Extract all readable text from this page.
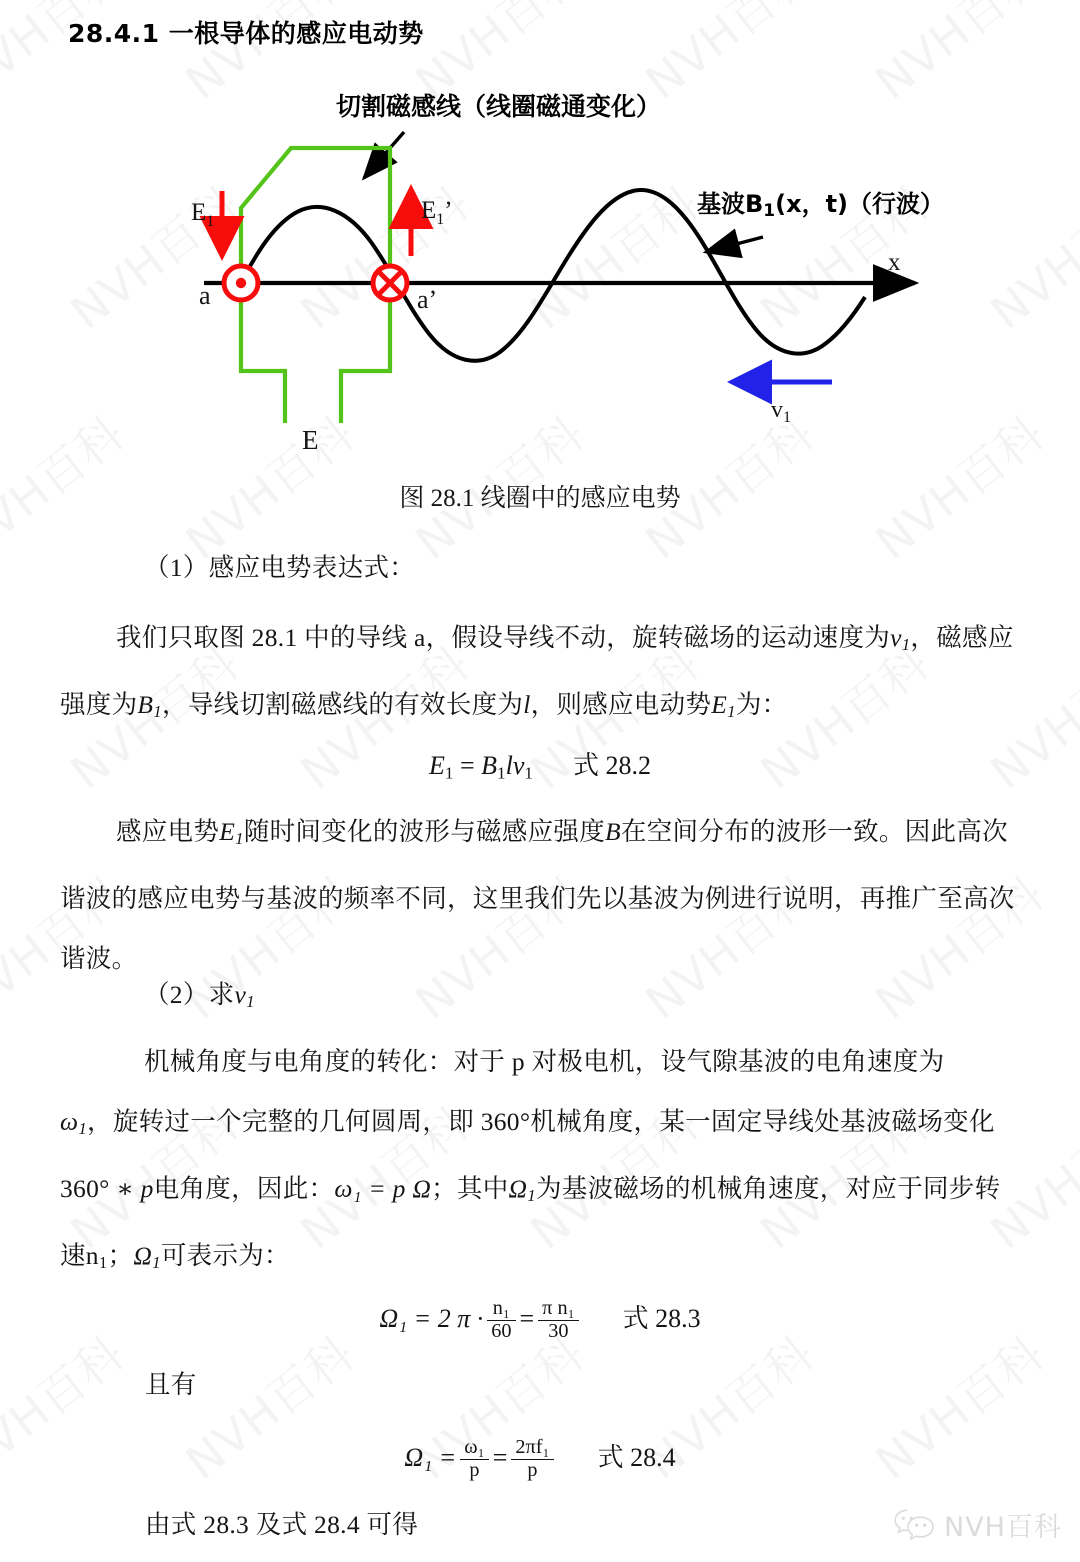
28.4.1 一根导体的感应电动势
切割磁感线（线圈磁通变化）
E
x
a	a’
$E_1$	$E_1$’	基波B1(x，t)（行波）
$v_1$
图 28.1 线圈中的感应电势
（1）感应电势表达式：
我们只取图 28.1 中的导线 a，假设导线不动，旋转磁场的运动速度为$v_1$，磁感应强度为$B_1$，导线切割磁感线的有效长度为l，则感应电动势$E_1$为：
$E_1 = B_1lv_1$ 式 28.2
感应电势$E_1$随时间变化的波形与磁感应强度B在空间分布的波形一致。因此高次谐波的感应电势与基波的频率不同，这里我们先以基波为例进行说明，再推广至高次谐波。
（2）求$v_1$
机械角度与电角度的转化：对于 p 对极电机，设气隙基波的电角速度为
$\omega_1$，旋转过一个完整的几何圆周，即 360°机械角度，某一固定导线处基波磁场变化 360° ∗ p电角度，因此：ω₁ = p Ω；其中$\Omega_1$为基波磁场的机械角速度，对应于同步转速$n_1$；$\Omega_1$可表示为：
Ω₁ = 2 $\pi \cdot \frac{\text{n₁}}{60} = \frac{\text{π n₁}}{30}$ 式 28.3
且有
$\Omega_1 = \frac{\text{ω₁}}{p} = \frac{\text{2πf₁}}{p}$ 式 28.4
由式 28.3 及式 28.4 可得	NVH百科
